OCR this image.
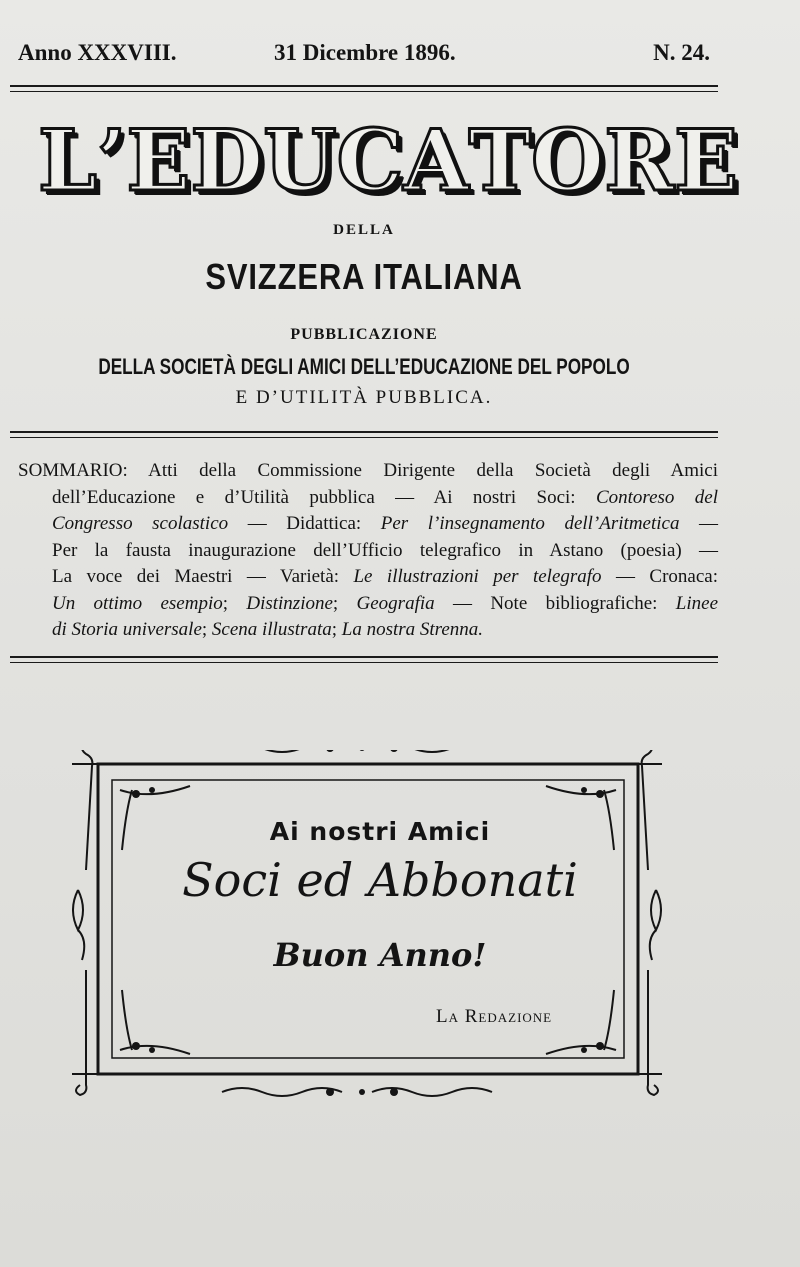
Anno XXXVIII.	31 Dicembre 1896.	N. 24.
L ’ E D U C A T O R E
DELLA
SVIZZERA ITALIANA
PUBBLICAZIONE
DELLA SOCIETÀ DEGLI AMICI DELL’EDUCAZIONE DEL POPOLO
E D’UTILITÀ PUBBLICA.
SOMMARIO: Atti della Commissione Dirigente della Società degli Amici
dell’Educazione e d’Utilità pubblica — Ai nostri Soci: Contoreso del
Congresso scolastico — Didattica: Per l’insegnamento dell’Aritmetica —
Per la fausta inaugurazione dell’Ufficio telegrafico in Astano (poesia) —
La voce dei Maestri — Varietà: Le illustrazioni per telegrafo — Cronaca:
Un ottimo esempio; Distinzione; Geografia — Note bibliografiche: Linee
di Storia universale; Scena illustrata; La nostra Strenna.
Ai nostri Amici
Soci ed Abbonati
Buon Anno!
La Redazione
